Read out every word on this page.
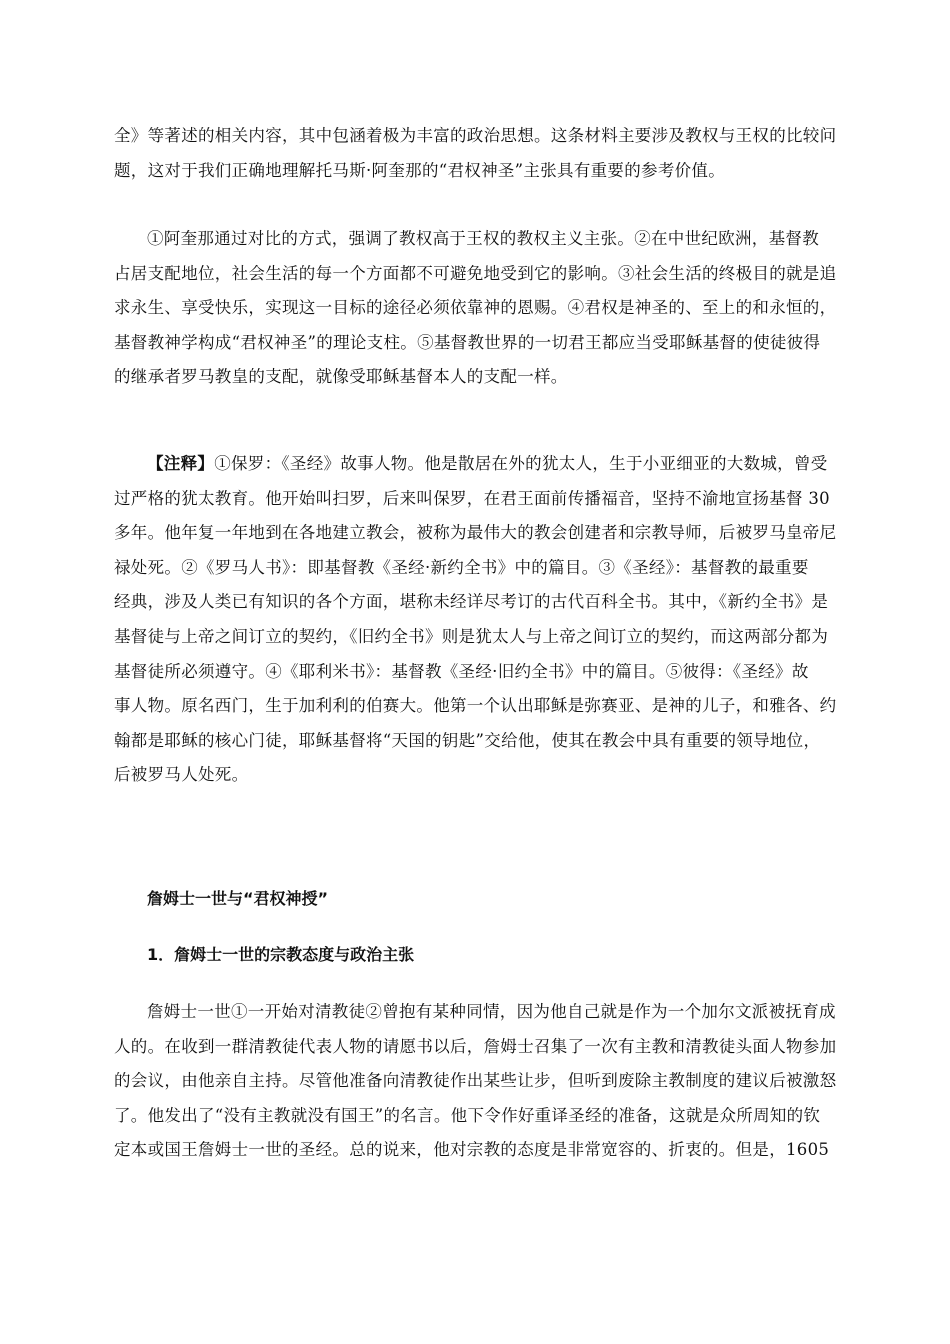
全》等著述的相关内容，其中包涵着极为丰富的政治思想。这条材料主要涉及教权与王权的比较问
题，这对于我们正确地理解托马斯·阿奎那的“君权神圣”主张具有重要的参考价值。
①阿奎那通过对比的方式，强调了教权高于王权的教权主义主张。②在中世纪欧洲，基督教
占居支配地位，社会生活的每一个方面都不可避免地受到它的影响。③社会生活的终极目的就是追
求永生、享受快乐，实现这一目标的途径必须依靠神的恩赐。④君权是神圣的、至上的和永恒的，
基督教神学构成“君权神圣”的理论支柱。⑤基督教世界的一切君王都应当受耶稣基督的使徒彼得
的继承者罗马教皇的支配，就像受耶稣基督本人的支配一样。
【注释】①保罗：《圣经》故事人物。他是散居在外的犹太人，生于小亚细亚的大数城，曾受
过严格的犹太教育。他开始叫扫罗，后来叫保罗，在君王面前传播福音，坚持不渝地宣扬基督 30
多年。他年复一年地到在各地建立教会，被称为最伟大的教会创建者和宗教导师，后被罗马皇帝尼
禄处死。②《罗马人书》：即基督教《圣经·新约全书》中的篇目。③《圣经》：基督教的最重要
经典，涉及人类已有知识的各个方面，堪称未经详尽考订的古代百科全书。其中，《新约全书》是
基督徒与上帝之间订立的契约，《旧约全书》则是犹太人与上帝之间订立的契约，而这两部分都为
基督徒所必须遵守。④《耶利米书》：基督教《圣经·旧约全书》中的篇目。⑤彼得：《圣经》故
事人物。原名西门，生于加利利的伯赛大。他第一个认出耶稣是弥赛亚、是神的儿子，和雅各、约
翰都是耶稣的核心门徒，耶稣基督将“天国的钥匙”交给他，使其在教会中具有重要的领导地位，
后被罗马人处死。
詹姆士一世与“君权神授”
1．詹姆士一世的宗教态度与政治主张
詹姆士一世①一开始对清教徒②曾抱有某种同情，因为他自己就是作为一个加尔文派被抚育成
人的。在收到一群清教徒代表人物的请愿书以后，詹姆士召集了一次有主教和清教徒头面人物参加
的会议，由他亲自主持。尽管他准备向清教徒作出某些让步，但听到废除主教制度的建议后被激怒
了。他发出了“没有主教就没有国王”的名言。他下令作好重译圣经的准备，这就是众所周知的钦
定本或国王詹姆士一世的圣经。总的说来，他对宗教的态度是非常宽容的、折衷的。但是，1605
